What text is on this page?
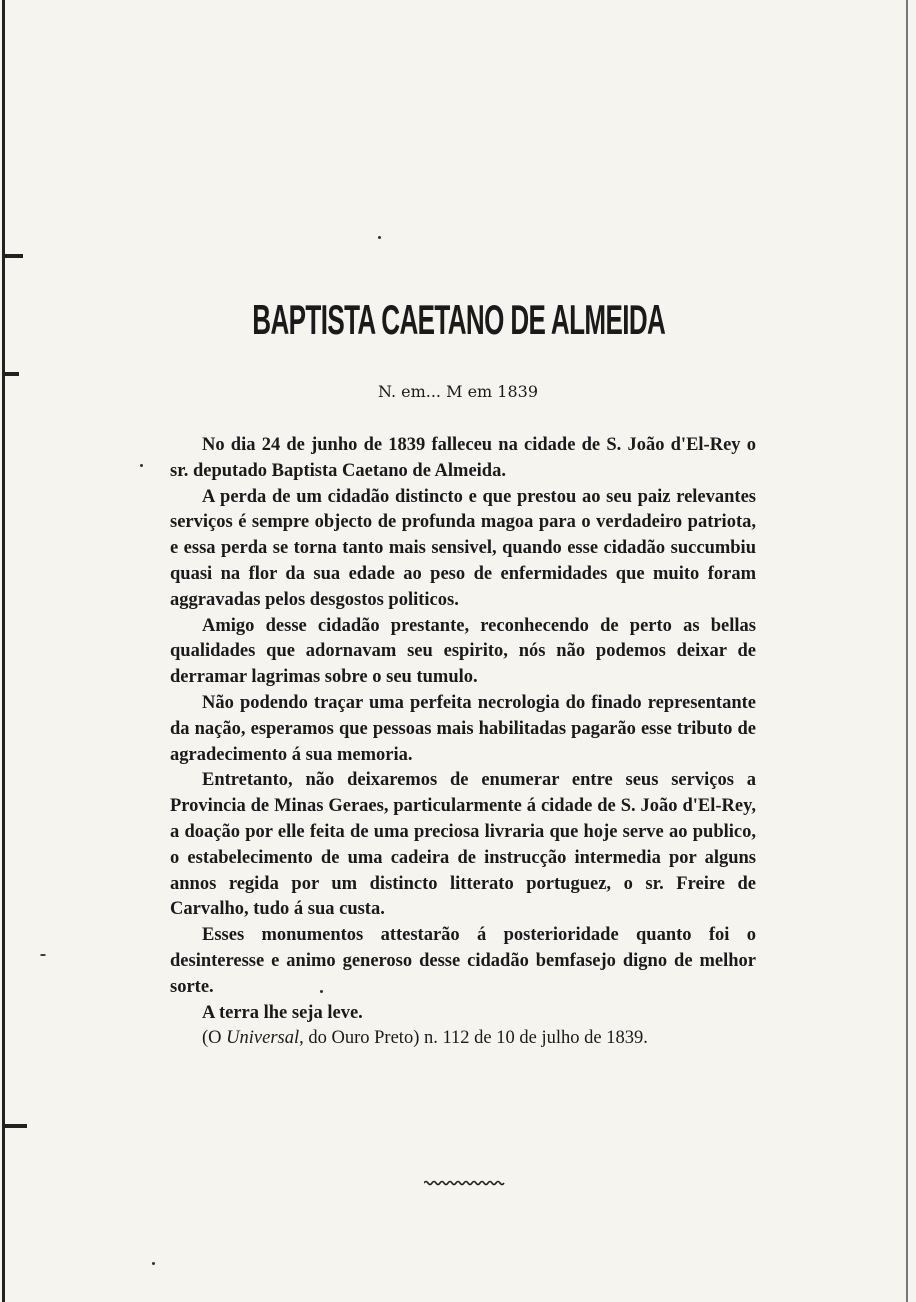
BAPTISTA CAETANO DE ALMEIDA

N. em... M em 1839

No dia 24 de junho de 1839 falleceu na cidade de S. João d'El-Rey o sr. deputado Baptista Caetano de Almeida.

A perda de um cidadão distincto e que prestou ao seu paiz relevantes serviços é sempre objecto de profunda magoa para o verdadeiro patriota, e essa perda se torna tanto mais sensivel, quando esse cidadão succumbiu quasi na flor da sua edade ao peso de enfermidades que muito foram aggravadas pelos desgostos politicos.

Amigo desse cidadão prestante, reconhecendo de perto as bellas qualidades que adornavam seu espirito, nós não podemos deixar de derramar lagrimas sobre o seu tumulo.

Não podendo traçar uma perfeita necrologia do finado representante da nação, esperamos que pessoas mais habilitadas pagarão esse tributo de agradecimento á sua memoria.

Entretanto, não deixaremos de enumerar entre seus serviços a Provincia de Minas Geraes, particularmente á cidade de S. João d'El-Rey, a doação por elle feita de uma preciosa livraria que hoje serve ao publico, o estabelecimento de uma cadeira de instrucção intermedia por alguns annos regida por um distincto litterato portuguez, o sr. Freire de Carvalho, tudo á sua custa.

Esses monumentos attestarão á posterioridade quanto foi o desinteresse e animo generoso desse cidadão bemfasejo digno de melhor sorte.

A terra lhe seja leve.

(O Universal, do Ouro Preto) n. 112 de 10 de julho de 1839.
